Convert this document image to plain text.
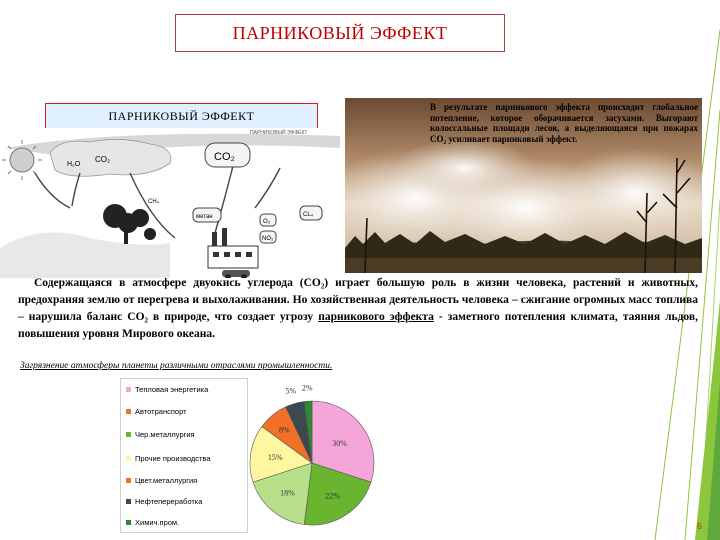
ПАРНИКОВЫЙ ЭФФЕКТ
ПАРНИКОВЫЙ ЭФФЕКТ
ПАРНИКОВЫЙ ЭФФЕКТ
H₂O
CO₂	CO₂
CH₄
метан
O₃
NO₂
CL₄
В результате парникового эффекта происходит глобальное потепление, которое оборачивается засухами. Выгорают колоссальные площади лесов, а выделяющаяся при пожарах CO₂ усиливает парниковый эффект.
Содержащаяся в атмосфере двуокись углерода (CO₂) играет большую роль в жизни человека, растений и животных, предохраняя землю от перегрева и выхолаживания. Но хозяйственная деятельность человека – сжигание огромных масс топлива – нарушила баланс CO₂ в природе, что создает угрозу парникового эффекта - заметного потепления климата, таяния льдов, повышения уровня Мирового океана.
Загрязнение атмосферы планеты различными отраслями промышленности.
Тепловая энергетика
Автотранспорт
Чер.металлургия
Прочие производства
Цвет.металлургия
Нефтепереработка
Химич.пром.
30%
22%
18%
15%
8%
5% 2%
6
